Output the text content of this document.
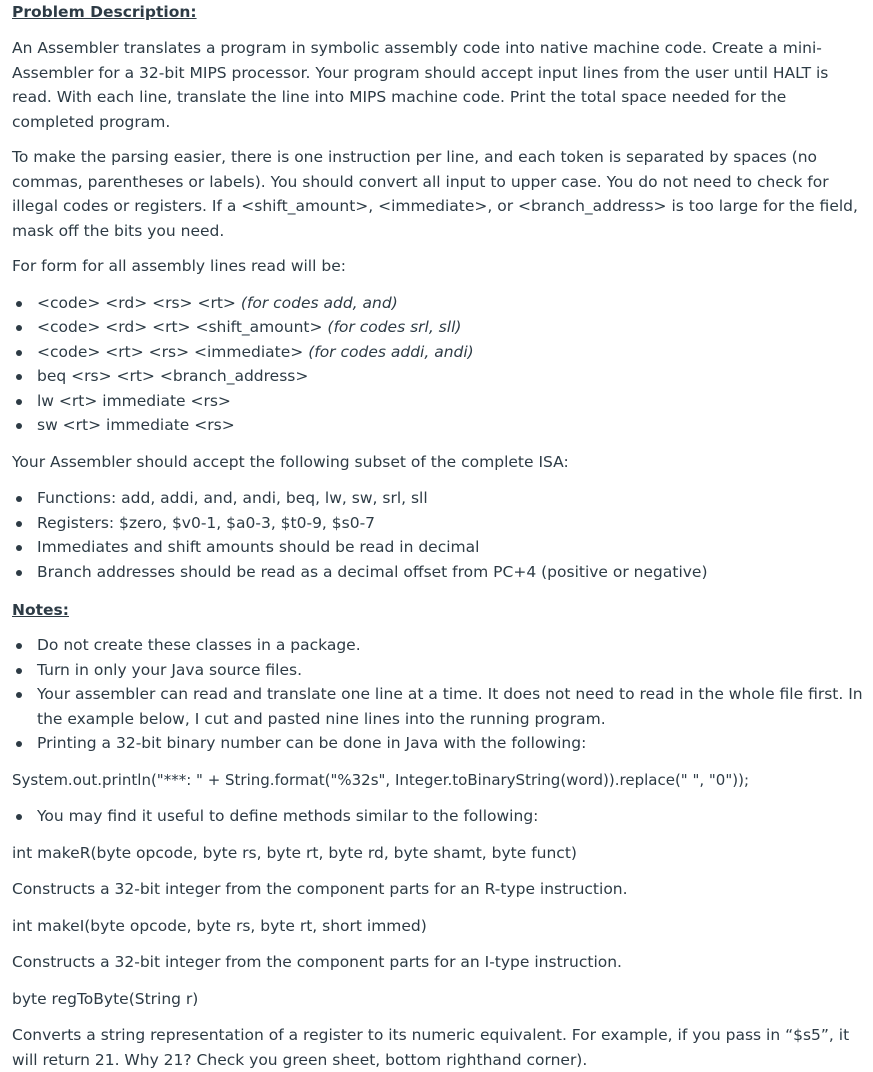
Problem Description:

An Assembler translates a program in symbolic assembly code into native machine code. Create a mini-Assembler for a 32-bit MIPS processor. Your program should accept input lines from the user until HALT is read. With each line, translate the line into MIPS machine code. Print the total space needed for the completed program.

To make the parsing easier, there is one instruction per line, and each token is separated by spaces (no commas, parentheses or labels). You should convert all input to upper case. You do not need to check for illegal codes or registers. If a <shift_amount>, <immediate>, or <branch_address> is too large for the field, mask off the bits you need.

For form for all assembly lines read will be:

<code> <rd> <rs> <rt> (for codes add, and)
<code> <rd> <rt> <shift_amount> (for codes srl, sll)
<code> <rt> <rs> <immediate> (for codes addi, andi)
beq <rs> <rt> <branch_address>
lw <rt> immediate <rs>
sw <rt> immediate <rs>

Your Assembler should accept the following subset of the complete ISA:

Functions: add, addi, and, andi, beq, lw, sw, srl, sll
Registers: $zero, $v0-1, $a0-3, $t0-9, $s0-7
Immediates and shift amounts should be read in decimal
Branch addresses should be read as a decimal offset from PC+4 (positive or negative)
Notes:
Do not create these classes in a package.
Turn in only your Java source files.
Your assembler can read and translate one line at a time. It does not need to read in the whole file first. In the example below, I cut and pasted nine lines into the running program.
Printing a 32-bit binary number can be done in Java with the following:

System.out.println("***: " + String.format("%32s", Integer.toBinaryString(word)).replace(" ", "0"));

You may find it useful to define methods similar to the following:

int makeR(byte opcode, byte rs, byte rt, byte rd, byte shamt, byte funct)

Constructs a 32-bit integer from the component parts for an R-type instruction.

int makeI(byte opcode, byte rs, byte rt, short immed)

Constructs a 32-bit integer from the component parts for an I-type instruction.

byte regToByte(String r)

Converts a string representation of a register to its numeric equivalent. For example, if you pass in “$s5”, it will return 21. Why 21? Check you green sheet, bottom righthand corner).
